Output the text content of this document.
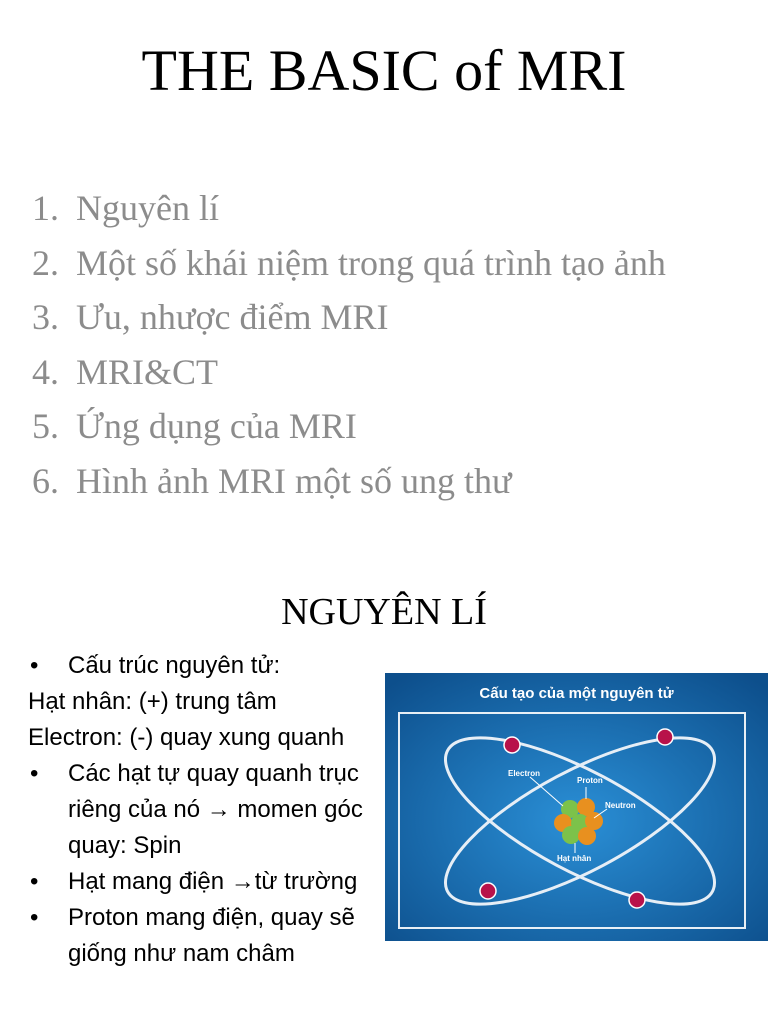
THE BASIC of MRI
1. Nguyên lí
2. Một số khái niệm trong quá trình tạo ảnh
3. Ưu, nhược điểm MRI
4. MRI&CT
5. Ứng dụng của MRI
6. Hình ảnh MRI một số ung thư
NGUYÊN LÍ
•	Cấu trúc nguyên tử:
Hạt nhân: (+) trung tâm
Electron: (-) quay xung quanh
•	Các hạt tự quay quanh trục riêng của nó → momen góc quay: Spin
•	Hạt mang điện →từ trường
•	Proton mang điện, quay sẽ giống như nam châm
Cấu tạo của một nguyên tử
Electron
Proton
Neutron
Hạt nhân
